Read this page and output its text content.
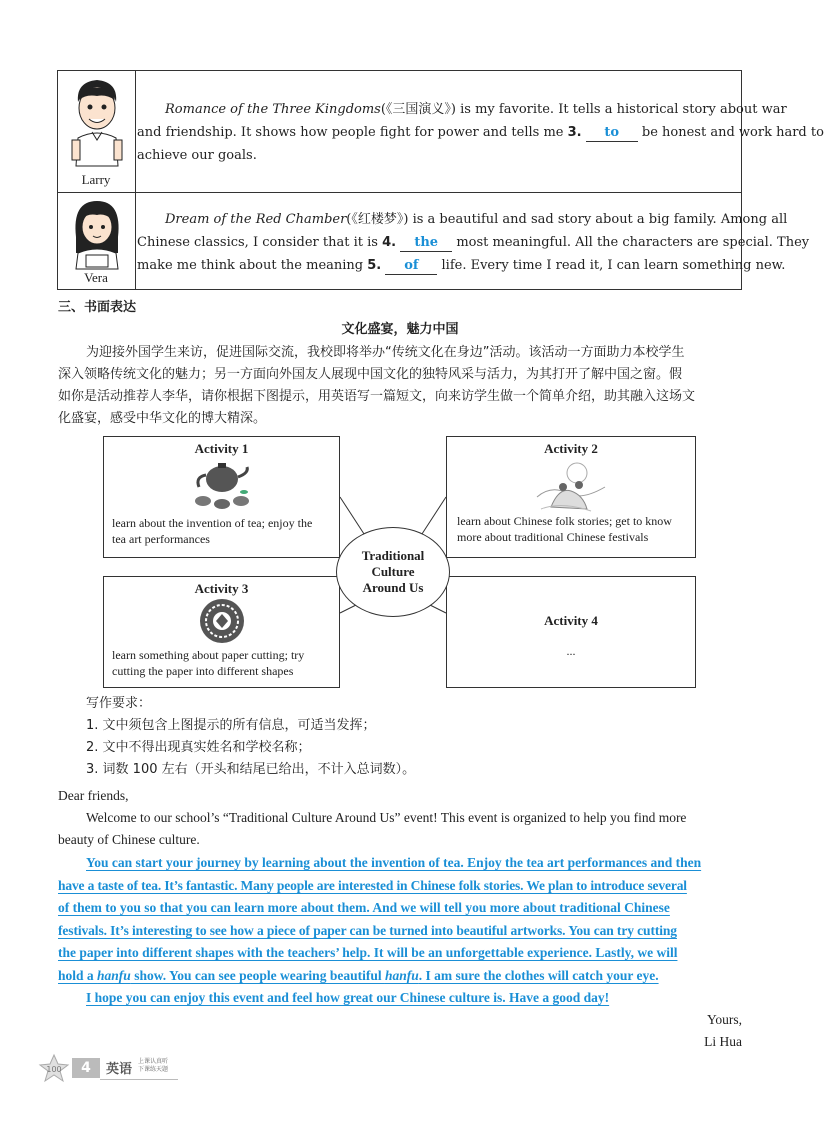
Larry
Vera
Romance of the Three Kingdoms(《三国演义》) is my favorite. It tells a historical story about war
and friendship. It shows how people fight for power and tells me 3. to be honest and work hard to
achieve our goals.
Dream of the Red Chamber(《红楼梦》) is a beautiful and sad story about a big family. Among all
Chinese classics, I consider that it is 4. the most meaningful. All the characters are special. They
make me think about the meaning 5. of life. Every time I read it, I can learn something new.
三、书面表达
文化盛宴，魅力中国
为迎接外国学生来访，促进国际交流，我校即将举办“传统文化在身边”活动。该活动一方面助力本校学生
深入领略传统文化的魅力；另一方面向外国友人展现中国文化的独特风采与活力，为其打开了解中国之窗。假
如你是活动推荐人李华，请你根据下图提示，用英语写一篇短文，向来访学生做一个简单介绍，助其融入这场文
化盛宴，感受中华文化的博大精深。
Activity 1
learn about the invention of tea; enjoy the
tea art performances
Activity 2
learn about Chinese folk stories; get to know
more about traditional Chinese festivals
Activity 3
learn something about paper cutting; try
cutting the paper into different shapes
Activity 4
...
Traditional
Culture
Around Us
写作要求：
1. 文中须包含上图提示的所有信息，可适当发挥；
2. 文中不得出现真实姓名和学校名称；
3. 词数 100 左右（开头和结尾已给出，不计入总词数）。
Dear friends,
Welcome to our school’s “Traditional Culture Around Us” event! This event is organized to help you find more
beauty of Chinese culture.
You can start your journey by learning about the invention of tea. Enjoy the tea art performances and then
have a taste of tea. It’s fantastic. Many people are interested in Chinese folk stories. We plan to introduce several
of them to you so that you can learn more about them. And we will tell you more about traditional Chinese
festivals. It’s interesting to see how a piece of paper can be turned into beautiful artworks. You can try cutting
the paper into different shapes with the teachers’ help. It will be an unforgettable experience. Lastly, we will
hold a hanfu show. You can see people wearing beautiful hanfu. I am sure the clothes will catch your eye.
I hope you can enjoy this event and feel how great our Chinese culture is. Have a good day!
Yours,
Li Hua
100	4	英语
上课认真听
下课练天题
